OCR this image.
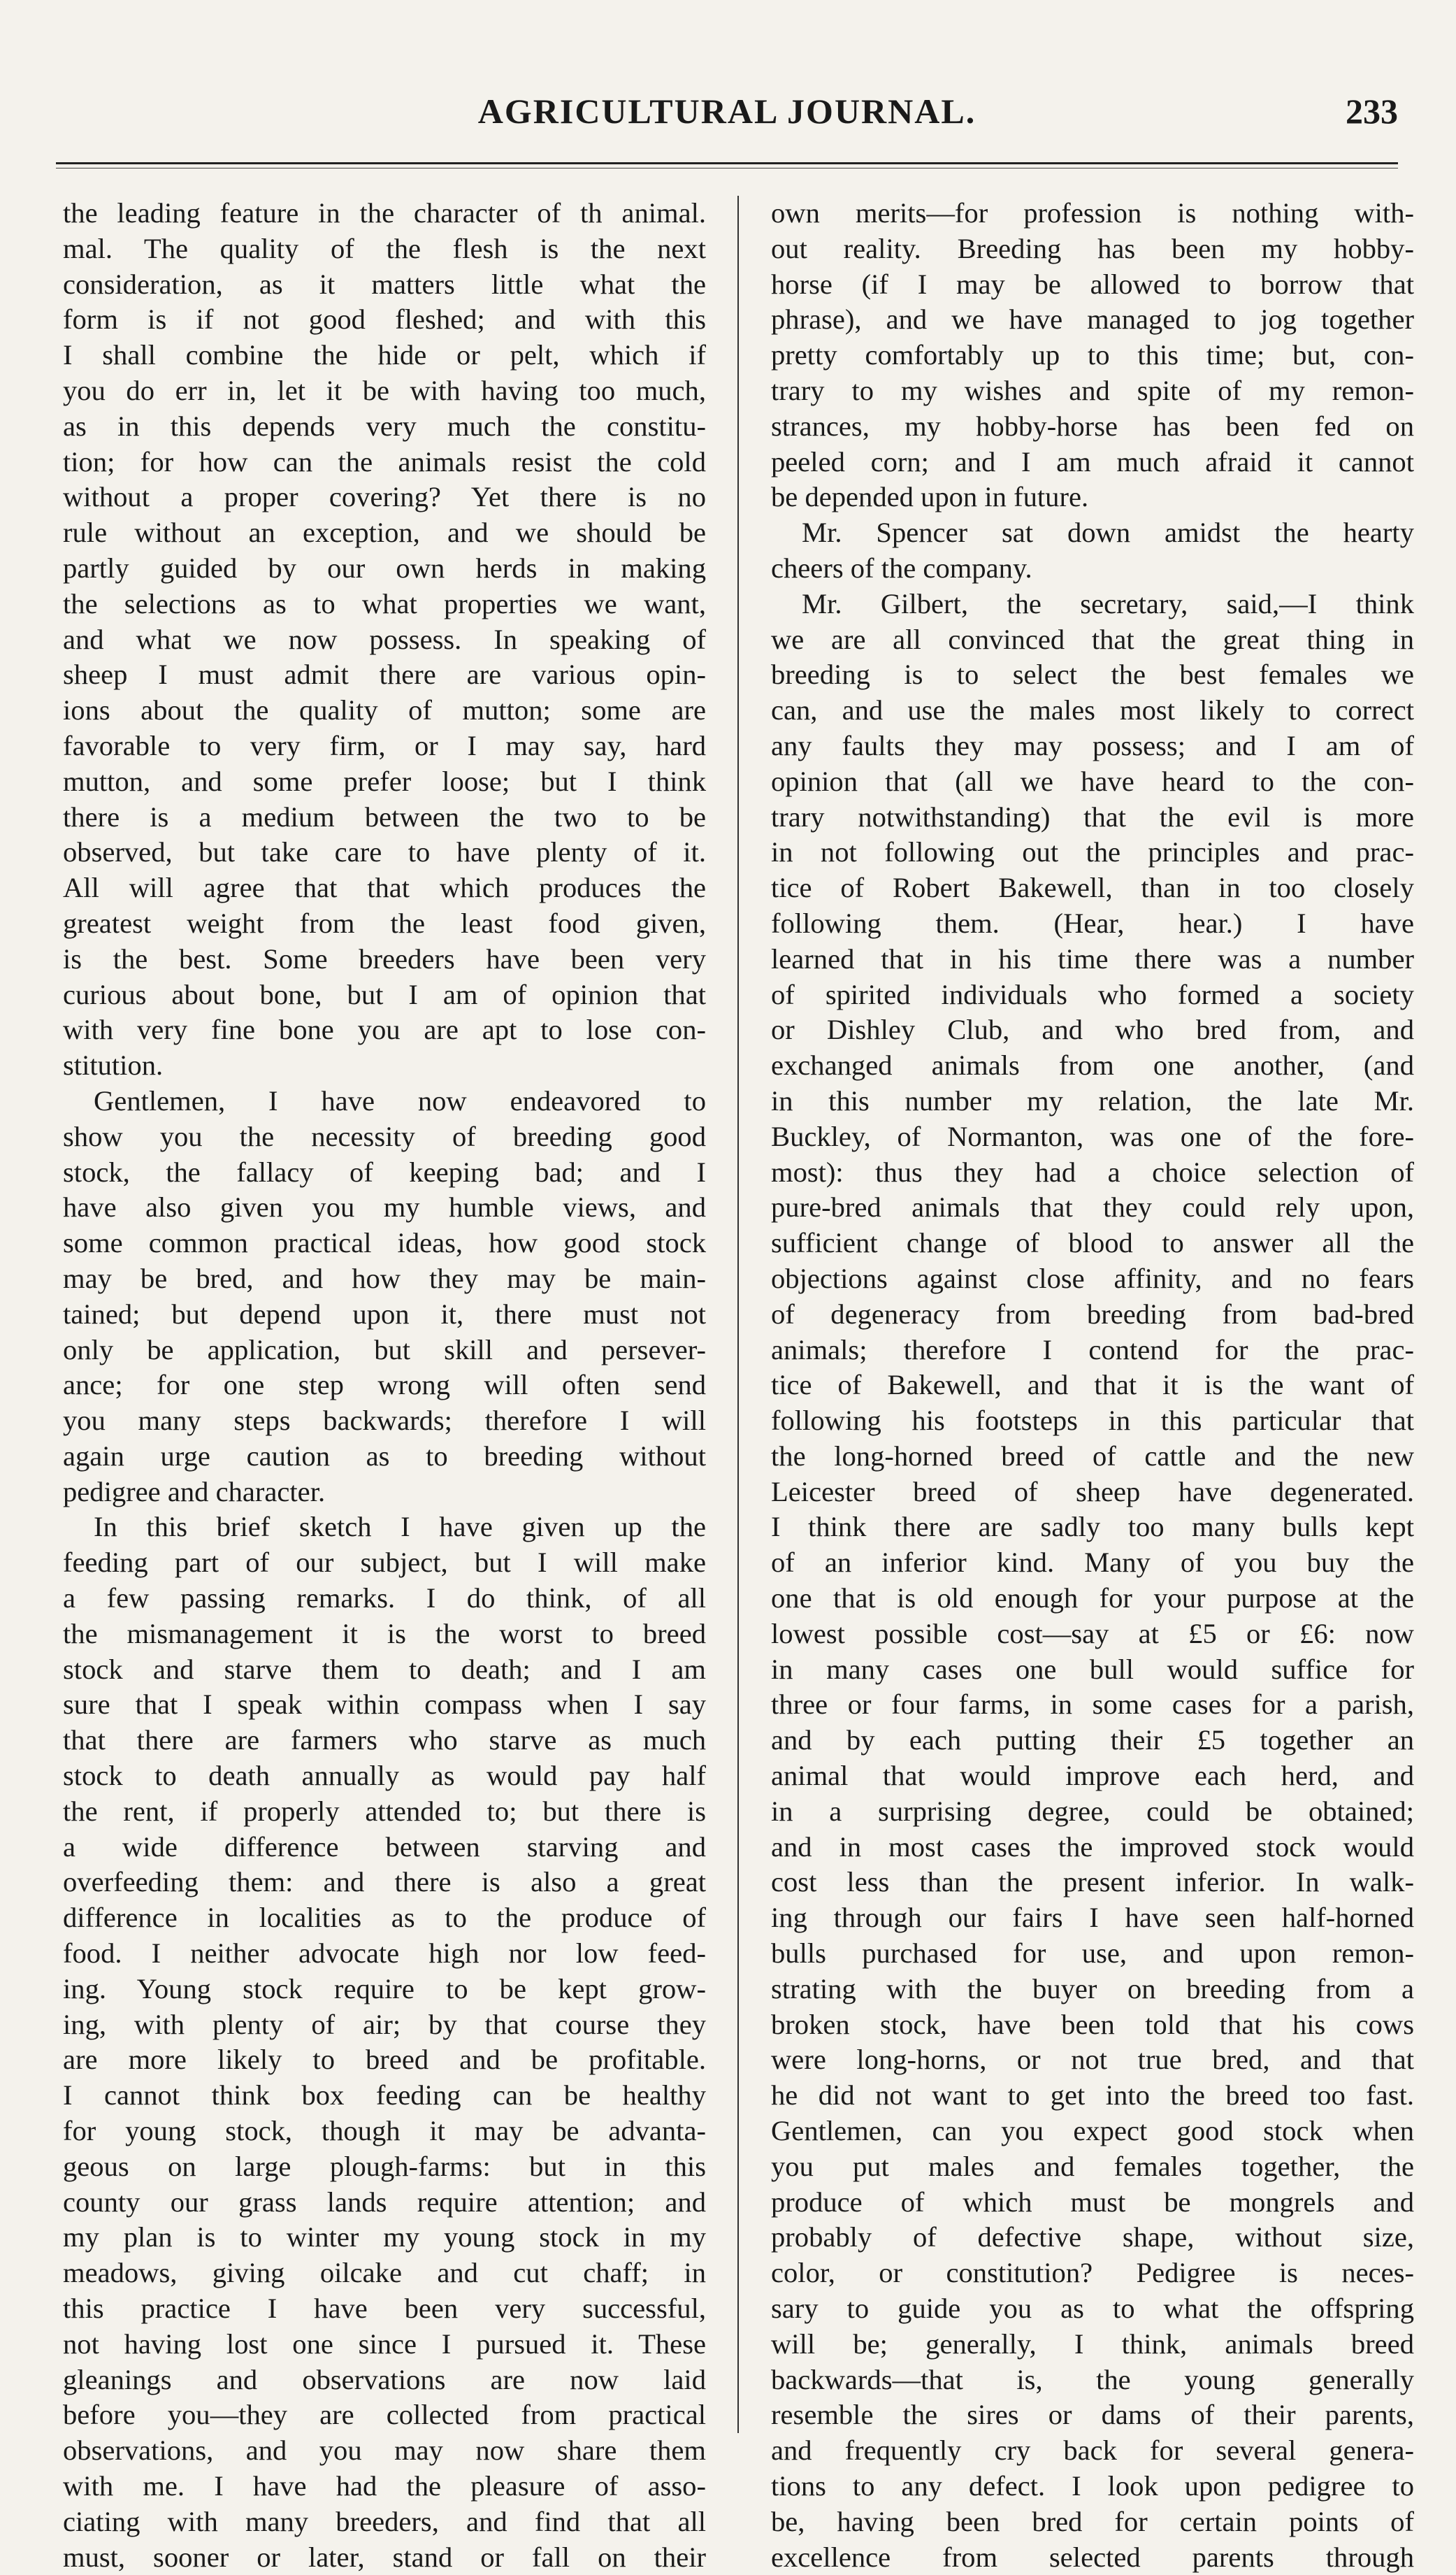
AGRICULTURAL JOURNAL.	233
the leading feature in the character of th animal.
mal. The quality of the flesh is the next
consideration, as it matters little what the
form is if not good fleshed; and with this
I shall combine the hide or pelt, which if
you do err in, let it be with having too much,
as in this depends very much the constitu-
tion; for how can the animals resist the cold
without a proper covering? Yet there is no
rule without an exception, and we should be
partly guided by our own herds in making
the selections as to what properties we want,
and what we now possess. In speaking of
sheep I must admit there are various opin-
ions about the quality of mutton; some are
favorable to very firm, or I may say, hard
mutton, and some prefer loose; but I think
there is a medium between the two to be
observed, but take care to have plenty of it.
All will agree that that which produces the
greatest weight from the least food given,
is the best. Some breeders have been very
curious about bone, but I am of opinion that
with very fine bone you are apt to lose con-
stitution.
Gentlemen, I have now endeavored to
show you the necessity of breeding good
stock, the fallacy of keeping bad; and I
have also given you my humble views, and
some common practical ideas, how good stock
may be bred, and how they may be main-
tained; but depend upon it, there must not
only be application, but skill and persever-
ance; for one step wrong will often send
you many steps backwards; therefore I will
again urge caution as to breeding without
pedigree and character.
In this brief sketch I have given up the
feeding part of our subject, but I will make
a few passing remarks. I do think, of all
the mismanagement it is the worst to breed
stock and starve them to death; and I am
sure that I speak within compass when I say
that there are farmers who starve as much
stock to death annually as would pay half
the rent, if properly attended to; but there is
a wide difference between starving and
overfeeding them: and there is also a great
difference in localities as to the produce of
food. I neither advocate high nor low feed-
ing. Young stock require to be kept grow-
ing, with plenty of air; by that course they
are more likely to breed and be profitable.
I cannot think box feeding can be healthy
for young stock, though it may be advanta-
geous on large plough-farms: but in this
county our grass lands require attention; and
my plan is to winter my young stock in my
meadows, giving oilcake and cut chaff; in
this practice I have been very successful,
not having lost one since I pursued it. These
gleanings and observations are now laid
before you—they are collected from practical
observations, and you may now share them
with me. I have had the pleasure of asso-
ciating with many breeders, and find that all
must, sooner or later, stand or fall on their
own merits—for profession is nothing with-
out reality. Breeding has been my hobby-
horse (if I may be allowed to borrow that
phrase), and we have managed to jog together
pretty comfortably up to this time; but, con-
trary to my wishes and spite of my remon-
strances, my hobby-horse has been fed on
peeled corn; and I am much afraid it cannot
be depended upon in future.
Mr. Spencer sat down amidst the hearty
cheers of the company.
Mr. Gilbert, the secretary, said,—I think
we are all convinced that the great thing in
breeding is to select the best females we
can, and use the males most likely to correct
any faults they may possess; and I am of
opinion that (all we have heard to the con-
trary notwithstanding) that the evil is more
in not following out the principles and prac-
tice of Robert Bakewell, than in too closely
following them. (Hear, hear.) I have
learned that in his time there was a number
of spirited individuals who formed a society
or Dishley Club, and who bred from, and
exchanged animals from one another, (and
in this number my relation, the late Mr.
Buckley, of Normanton, was one of the fore-
most): thus they had a choice selection of
pure-bred animals that they could rely upon,
sufficient change of blood to answer all the
objections against close affinity, and no fears
of degeneracy from breeding from bad-bred
animals; therefore I contend for the prac-
tice of Bakewell, and that it is the want of
following his footsteps in this particular that
the long-horned breed of cattle and the new
Leicester breed of sheep have degenerated.
I think there are sadly too many bulls kept
of an inferior kind. Many of you buy the
one that is old enough for your purpose at the
lowest possible cost—say at £5 or £6: now
in many cases one bull would suffice for
three or four farms, in some cases for a parish,
and by each putting their £5 together an
animal that would improve each herd, and
in a surprising degree, could be obtained;
and in most cases the improved stock would
cost less than the present inferior. In walk-
ing through our fairs I have seen half-horned
bulls purchased for use, and upon remon-
strating with the buyer on breeding from a
broken stock, have been told that his cows
were long-horns, or not true bred, and that
he did not want to get into the breed too fast.
Gentlemen, can you expect good stock when
you put males and females together, the
produce of which must be mongrels and
probably of defective shape, without size,
color, or constitution? Pedigree is neces-
sary to guide you as to what the offspring
will be; generally, I think, animals breed
backwards—that is, the young generally
resemble the sires or dams of their parents,
and frequently cry back for several genera-
tions to any defect. I look upon pedigree to
be, having been bred for certain points of
excellence from selected parents through
